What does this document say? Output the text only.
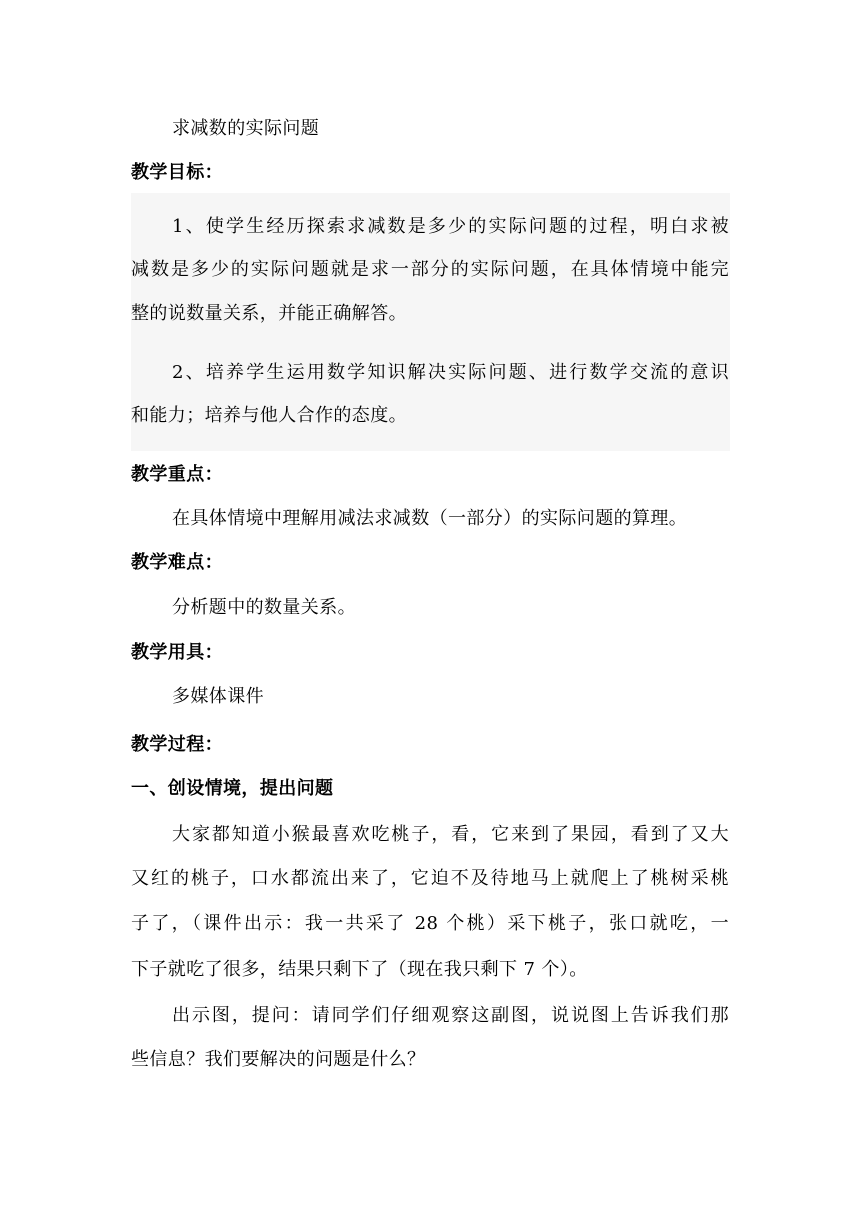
求减数的实际问题
教学目标：
1、使学生经历探索求减数是多少的实际问题的过程，明白求被
减数是多少的实际问题就是求一部分的实际问题，在具体情境中能完
整的说数量关系，并能正确解答。
2、培养学生运用数学知识解决实际问题、进行数学交流的意识
和能力；培养与他人合作的态度。
教学重点：
在具体情境中理解用减法求减数（一部分）的实际问题的算理。
教学难点：
分析题中的数量关系。
教学用具：
多媒体课件
教学过程：
一、创设情境，提出问题
大家都知道小猴最喜欢吃桃子，看，它来到了果园，看到了又大
又红的桃子，口水都流出来了，它迫不及待地马上就爬上了桃树采桃
子了，（课件出示：我一共采了 28 个桃）采下桃子，张口就吃，一
下子就吃了很多，结果只剩下了（现在我只剩下 7 个）。
出示图，提问：请同学们仔细观察这副图，说说图上告诉我们那
些信息？我们要解决的问题是什么？
